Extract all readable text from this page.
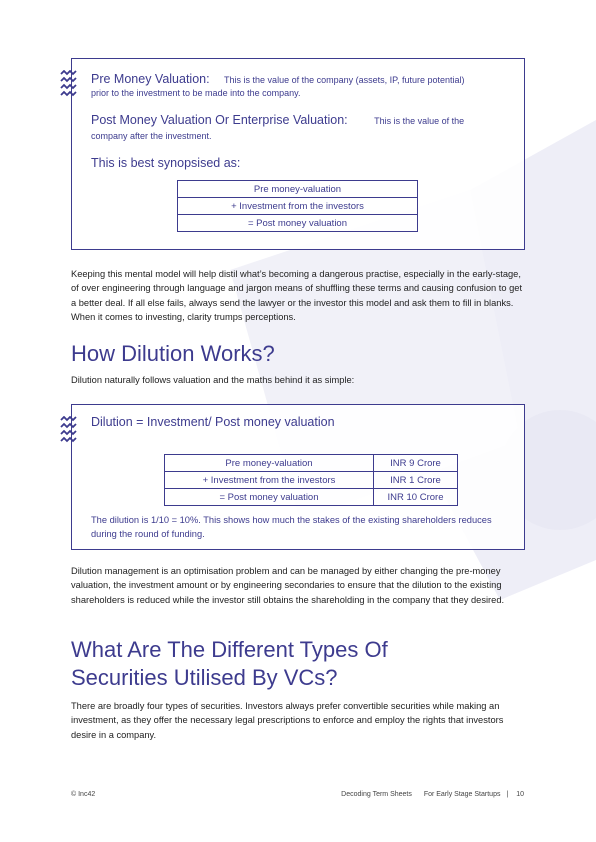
Pre Money Valuation: This is the value of the company (assets, IP, future potential)
prior to the investment to be made into the company.
Post Money Valuation Or Enterprise Valuation:	This is the value of the
company after the investment.
This is best synopsised as:
Pre money-valuation
+ Investment from the investors
= Post money valuation
Keeping this mental model will help distil what’s becoming a dangerous practise, especially in the early-stage, of over engineering through language and jargon means of shuffling these terms and causing confusion to get a better deal. If all else fails, always send the lawyer or the investor this model and ask them to fill in blanks. When it comes to investing, clarity trumps perceptions.
How Dilution Works?
Dilution naturally follows valuation and the maths behind it as simple:
Dilution = Investment/ Post money valuation
Pre money-valuation	INR 9 Crore
+ Investment from the investors	INR 1 Crore
= Post money valuation	INR 10 Crore
The dilution is 1/10 = 10%. This shows how much the stakes of the existing shareholders reduces during the round of funding.
Dilution management is an optimisation problem and can be managed by either changing the pre-money valuation, the investment amount or by engineering secondaries to ensure that the dilution to the existing shareholders is reduced while the investor still obtains the shareholding in the company that they desired.
What Are The Different Types Of
Securities Utilised By VCs?
There are broadly four types of securities. Investors always prefer convertible securities while making an investment, as they offer the necessary legal prescriptions to enforce and employ the rights that investors desire in a company.
© Inc42	Decoding Term Sheets For Early Stage Startups | 10
